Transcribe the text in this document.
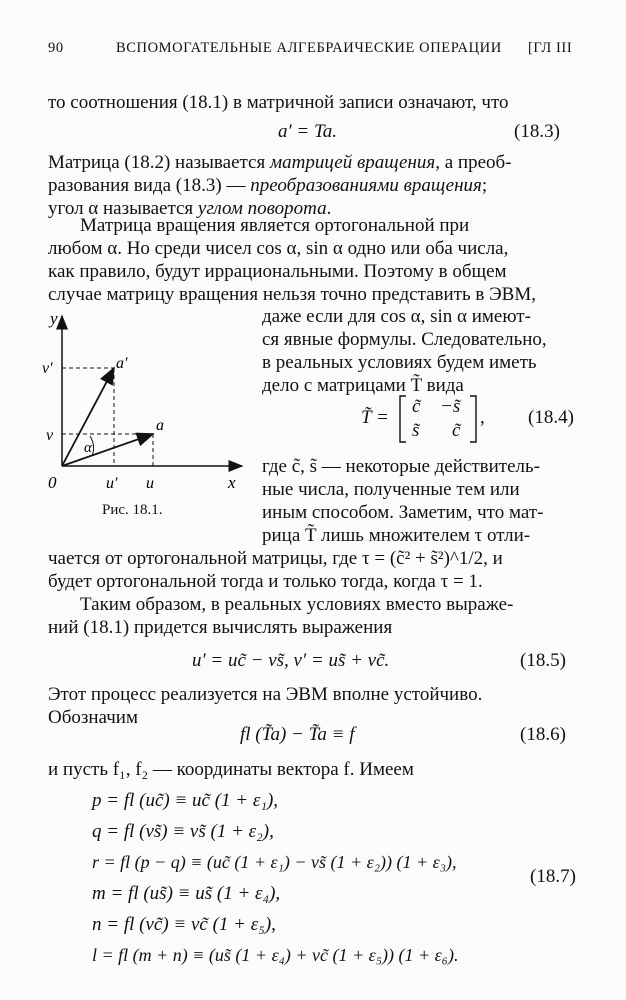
90	ВСПОМОГАТЕЛЬНЫЕ АЛГЕБРАИЧЕСКИЕ ОПЕРАЦИИ [ГЛ III
то соотношения (18.1) в матричной записи означают, что
a′ = Ta.	(18.3)
Матрица (18.2) называется матрицей вращения, а преоб-
разования вида (18.3) — преобразованиями вращения;
угол α называется углом поворота.
Матрица вращения является ортогональной при
любом α. Но среди чисел cos α, sin α одно или оба числа,
как правило, будут иррациональными. Поэтому в общем
случае матрицу вращения нельзя точно представить в ЭВМ,
даже если для cos α, sin α имеют-
ся явные формулы. Следовательно,
в реальных условиях будем иметь
дело с матрицами T̃ вида
T̃ =
c̃ −s̃
s̃ c̃
, (18.4)
где c̃, s̃ — некоторые действитель-
ные числа, полученные тем или
иным способом. Заметим, что мат-
рица T̃ лишь множителем τ отли-
y
x
0
v′
v
u′ u
a′
a
α
Рис. 18.1.
чается от ортогональной матрицы, где τ = (c̃² + s̃²)^1/2, и
будет ортогональной тогда и только тогда, когда τ = 1.
Таким образом, в реальных условиях вместо выраже-
ний (18.1) придется вычислять выражения
u′ = uc̃ − vs̃, v′ = us̃ + vc̃.	(18.5)
Этот процесс реализуется на ЭВМ вполне устойчиво.
Обозначим
fl (T̃a) − T̃a ≡ f	(18.6)
и пусть f₁, f₂ — координаты вектора f. Имеем
p = fl (uc̃) ≡ uc̃ (1 + ε₁),
q = fl (vs̃) ≡ vs̃ (1 + ε₂),
r = fl (p − q) ≡ (uc̃ (1 + ε₁) − vs̃ (1 + ε₂)) (1 + ε₃),
m = fl (us̃) ≡ us̃ (1 + ε₄),
n = fl (vc̃) ≡ vc̃ (1 + ε₅),
l = fl (m + n) ≡ (us̃ (1 + ε₄) + vc̃ (1 + ε₅)) (1 + ε₆).
(18.7)
